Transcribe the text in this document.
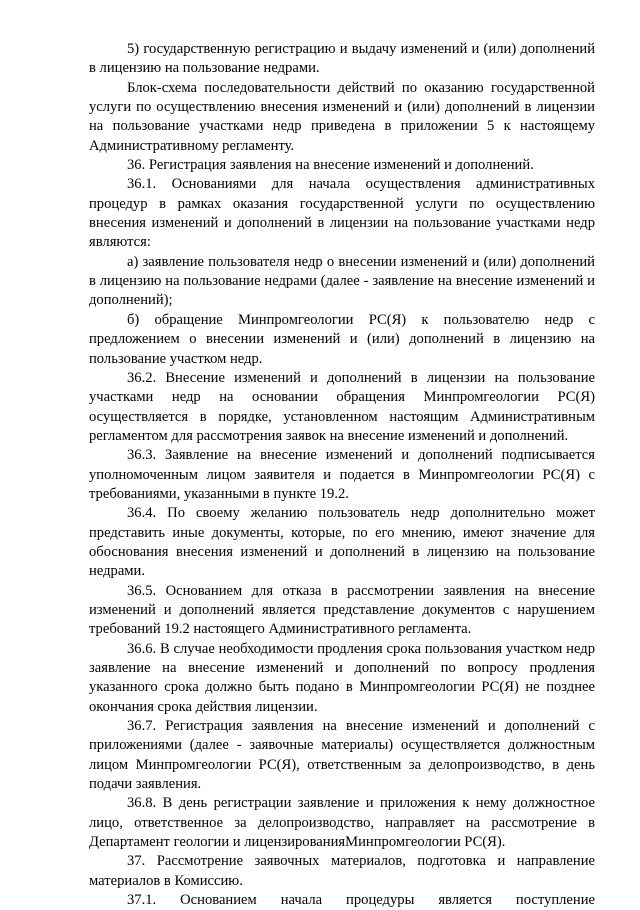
5) государственную регистрацию и выдачу изменений и (или) дополнений в лицензию на пользование недрами.

Блок-схема последовательности действий по оказанию государственной услуги по осуществлению внесения изменений и (или) дополнений в лицензии на пользование участками недр приведена в приложении 5 к настоящему Административному регламенту.

36. Регистрация заявления на внесение изменений и дополнений.

36.1. Основаниями для начала осуществления административных процедур в рамках оказания государственной услуги по осуществлению внесения изменений и дополнений в лицензии на пользование участками недр являются:

а) заявление пользователя недр о внесении изменений и (или) дополнений в лицензию на пользование недрами (далее - заявление на внесение изменений и дополнений);

б) обращение Минпромгеологии РС(Я) к пользователю недр с предложением о внесении изменений и (или) дополнений в лицензию на пользование участком недр.

36.2. Внесение изменений и дополнений в лицензии на пользование участками недр на основании обращения Минпромгеологии РС(Я) осуществляется в порядке, установленном настоящим Административным регламентом для рассмотрения заявок на внесение изменений и дополнений.

36.3. Заявление на внесение изменений и дополнений подписывается уполномоченным лицом заявителя и подается в Минпромгеологии РС(Я) с требованиями, указанными в пункте 19.2.

36.4. По своему желанию пользователь недр дополнительно может представить иные документы, которые, по его мнению, имеют значение для обоснования внесения изменений и дополнений в лицензию на пользование недрами.

36.5. Основанием для отказа в рассмотрении заявления на внесение изменений и дополнений является представление документов с нарушением требований 19.2 настоящего Административного регламента.

36.6. В случае необходимости продления срока пользования участком недр заявление на внесение изменений и дополнений по вопросу продления указанного срока должно быть подано в Минпромгеологии РС(Я) не позднее окончания срока действия лицензии.

36.7. Регистрация заявления на внесение изменений и дополнений с приложениями (далее - заявочные материалы) осуществляется должностным лицом Минпромгеологии РС(Я), ответственным за делопроизводство, в день подачи заявления.

36.8. В день регистрации заявление и приложения к нему должностное лицо, ответственное за делопроизводство, направляет на рассмотрение в Департамент геологии и лицензированияМинпромгеологии РС(Я).

37. Рассмотрение заявочных материалов, подготовка и направление материалов в Комиссию.

37.1. Основанием начала процедуры является поступление
